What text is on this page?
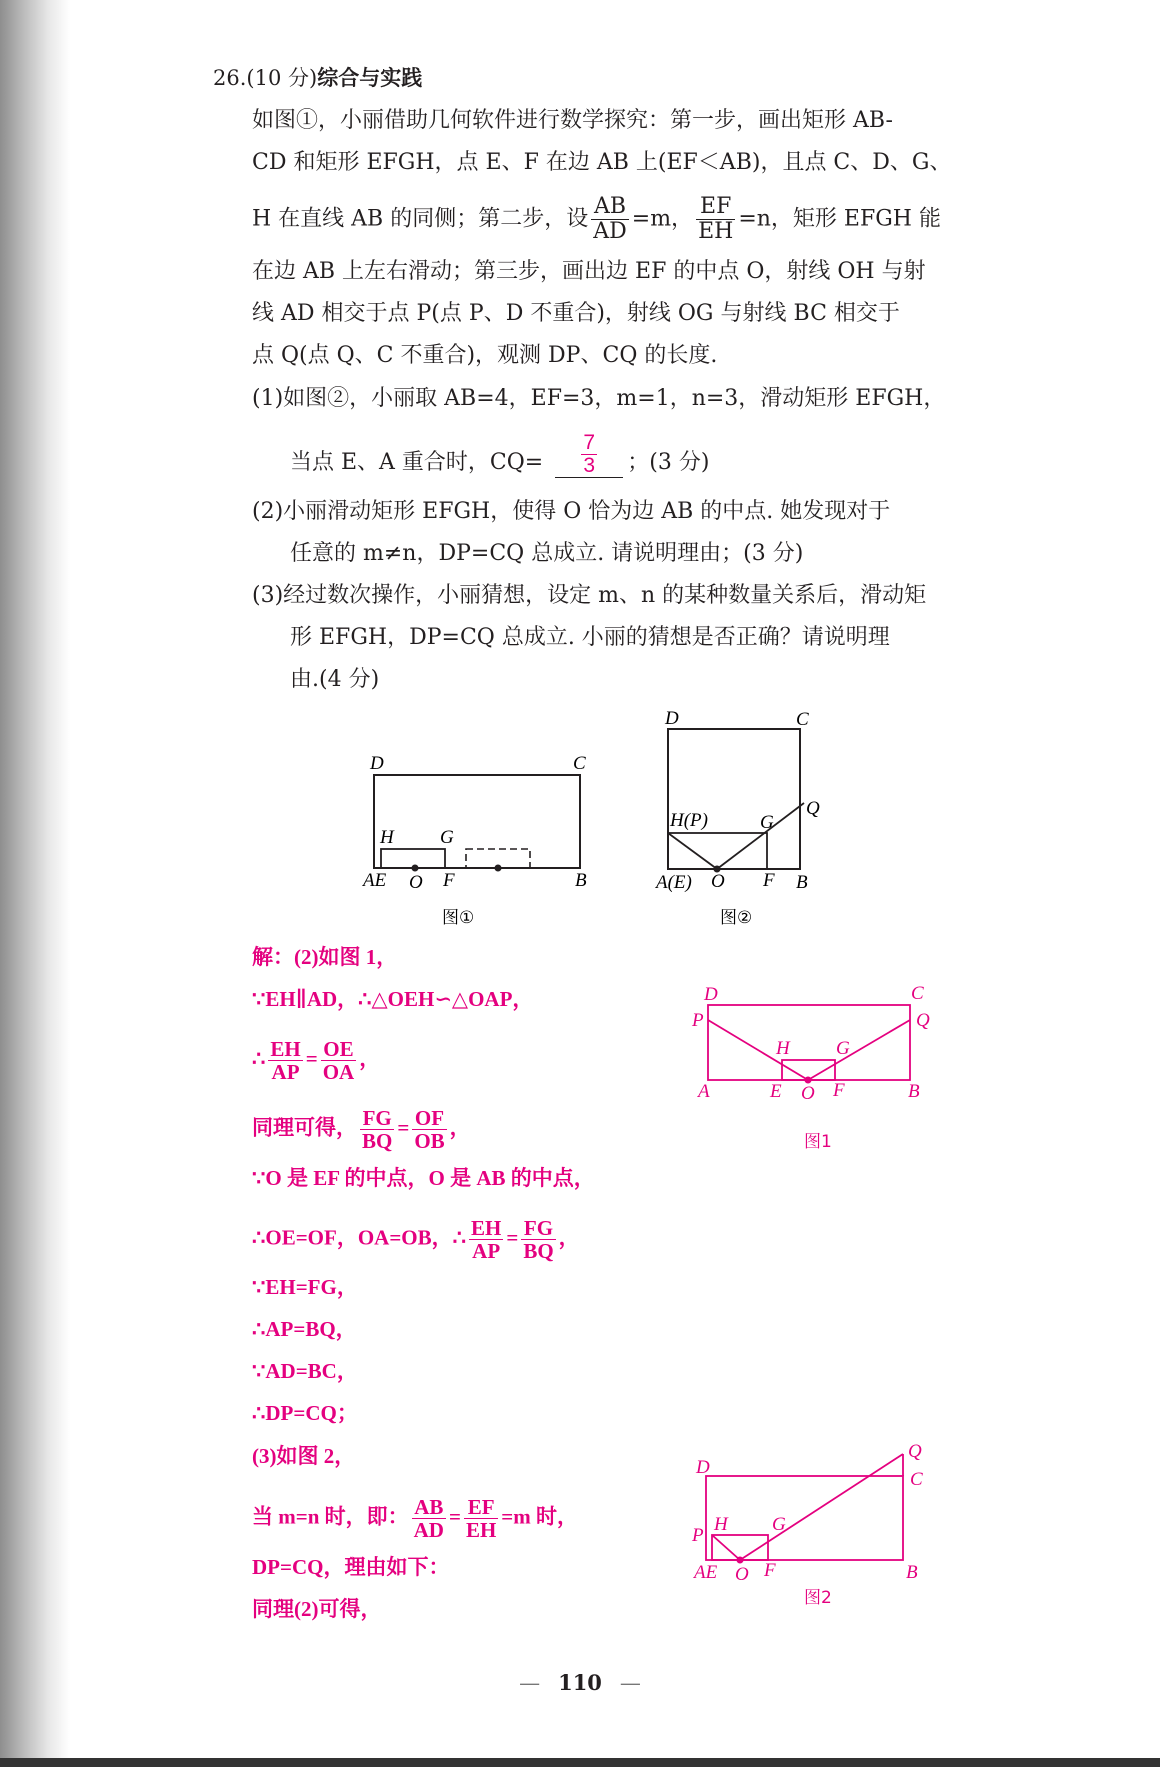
26.(10 分)综合与实践
如图①，小丽借助几何软件进行数学探究：第一步，画出矩形 AB-
CD 和矩形 EFGH，点 E、F 在边 AB 上(EF＜AB)，且点 C、D、G、
H 在直线 AB 的同侧；第二步，设 $\frac{AB}{AD} =m$， $\frac{EF}{EH} =n$，矩形 EFGH 能
在边 AB 上左右滑动；第三步，画出边 EF 的中点 O，射线 OH 与射
线 AD 相交于点 P(点 P、D 不重合)，射线 OG 与射线 BC 相交于
点 Q(点 Q、C 不重合)，观测 DP、CQ 的长度.
(1)如图②，小丽取 AB=4，EF=3，m=1，n=3，滑动矩形 EFGH，
当点 E、A 重合时，$CQ= \frac{7}{3}$ ；(3 分)
(2)小丽滑动矩形 EFGH，使得 O 恰为边 AB 的中点. 她发现对于
任意的 m≠n，DP=CQ 总成立. 请说明理由；(3 分)
(3)经过数次操作，小丽猜想，设定 m、n 的某种数量关系后，滑动矩
形 EFGH，DP=CQ 总成立. 小丽的猜想是否正确？请说明理
由.(4 分)
D	C
H G
AE O F	B
图①
D	C
H(P)	G
Q
A(E) O F B
图②
解：(2)如图 1，
∵EH∥AD，∴△OEH∽△OAP，
∴ $\frac{EH}{AP} = \frac{OE}{OA}$ ，
同理可得， $\frac{FG}{BQ} = \frac{OF}{OB}$ ，
∵O 是 EF 的中点，O 是 AB 的中点，
∴OE=OF，OA=OB，∴ $\frac{EH}{AP} = \frac{FG}{BQ}$ ，
∵EH=FG，
∴AP=BQ，
∵AD=BC，
∴DP=CQ；
(3)如图 2，
当 m=n 时，即： $\frac{AB}{AD} = \frac{EF}{EH} =m$ 时，
DP=CQ，理由如下：
同理(2)可得，
D	C
P	Q
H G
A	E O F	B
图1
Q
D
C
P
H G
AE O F	B
图2
— 110 —
